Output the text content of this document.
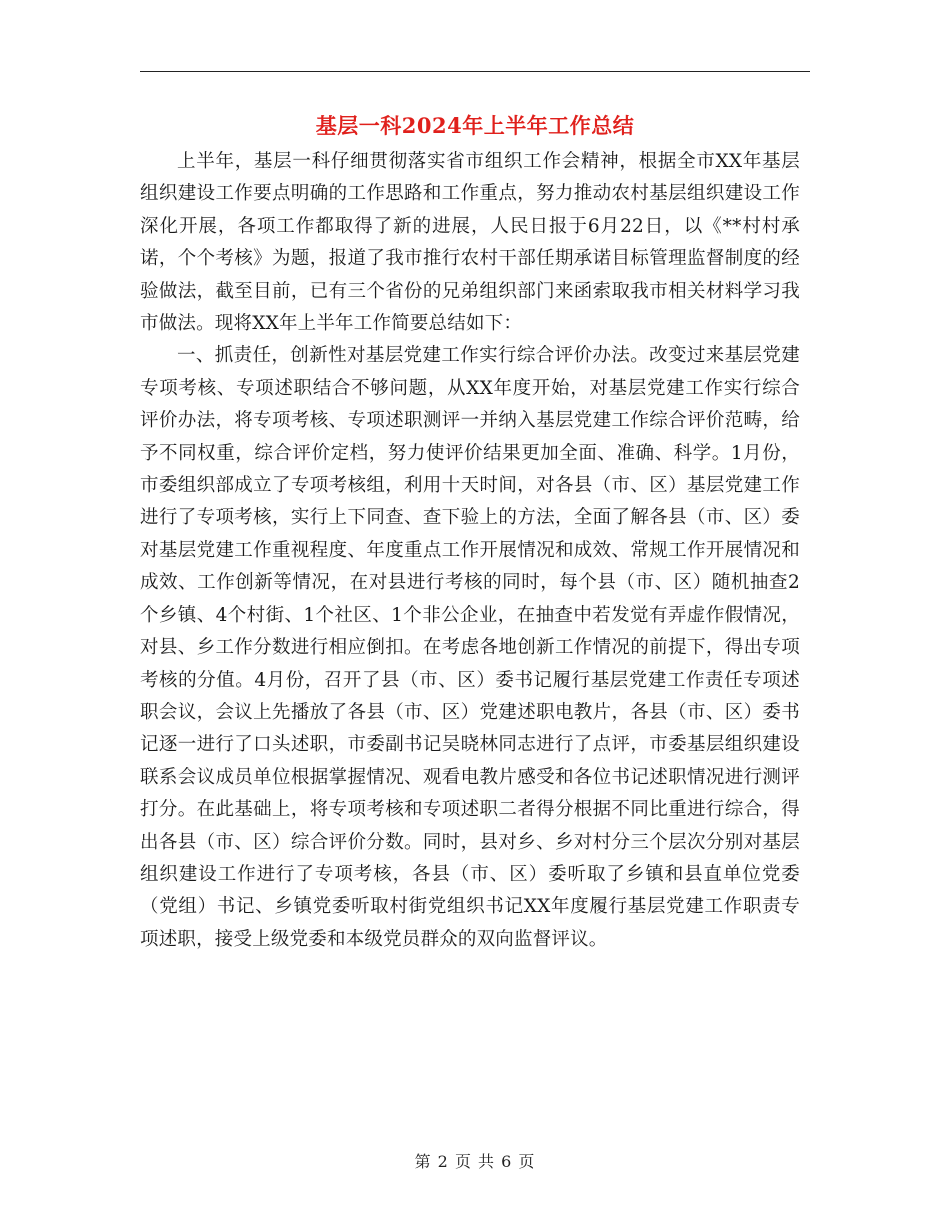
基层一科2024年上半年工作总结

上半年，基层一科仔细贯彻落实省市组织工作会精神，根据全市XX年基层组织建设工作要点明确的工作思路和工作重点，努力推动农村基层组织建设工作深化开展，各项工作都取得了新的进展，人民日报于6月22日，以《**村村承诺，个个考核》为题，报道了我市推行农村干部任期承诺目标管理监督制度的经验做法，截至目前，已有三个省份的兄弟组织部门来函索取我市相关材料学习我市做法。现将XX年上半年工作简要总结如下：

一、抓责任，创新性对基层党建工作实行综合评价办法。改变过来基层党建专项考核、专项述职结合不够问题，从XX年度开始，对基层党建工作实行综合评价办法，将专项考核、专项述职测评一并纳入基层党建工作综合评价范畴，给予不同权重，综合评价定档，努力使评价结果更加全面、准确、科学。1月份，市委组织部成立了专项考核组，利用十天时间，对各县（市、区）基层党建工作进行了专项考核，实行上下同查、查下验上的方法，全面了解各县（市、区）委对基层党建工作重视程度、年度重点工作开展情况和成效、常规工作开展情况和成效、工作创新等情况，在对县进行考核的同时，每个县（市、区）随机抽查2个乡镇、4个村街、1个社区、1个非公企业，在抽查中若发觉有弄虚作假情况，对县、乡工作分数进行相应倒扣。在考虑各地创新工作情况的前提下，得出专项考核的分值。4月份，召开了县（市、区）委书记履行基层党建工作责任专项述职会议，会议上先播放了各县（市、区）党建述职电教片，各县（市、区）委书记逐一进行了口头述职，市委副书记吴晓林同志进行了点评，市委基层组织建设联系会议成员单位根据掌握情况、观看电教片感受和各位书记述职情况进行测评打分。在此基础上，将专项考核和专项述职二者得分根据不同比重进行综合，得出各县（市、区）综合评价分数。同时，县对乡、乡对村分三个层次分别对基层组织建设工作进行了专项考核，各县（市、区）委听取了乡镇和县直单位党委（党组）书记、乡镇党委听取村街党组织书记XX年度履行基层党建工作职责专项述职，接受上级党委和本级党员群众的双向监督评议。

第 2 页 共 6 页
